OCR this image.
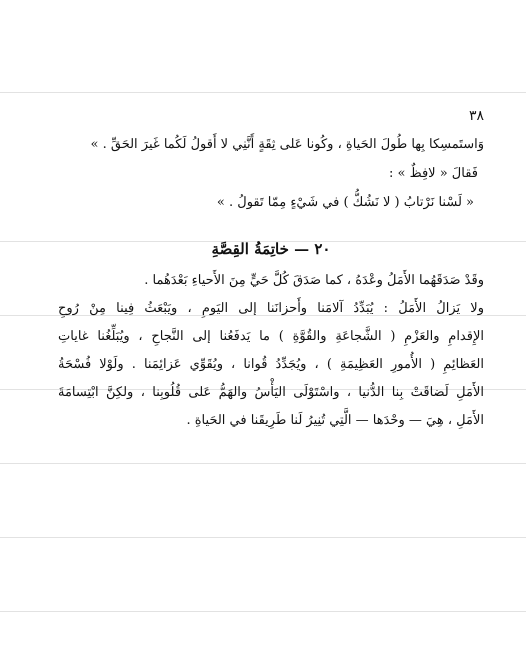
٣٨
وَاستَمسِكا بِها طُولَ الحَياةِ ، وكُونا عَلى ثِقَةٍ أَنَّنِي لا أَقولُ لَكُما غَيرَ الحَقِّ . »
فَقالَ « لافِظٌ » :
« لَسْنا نَرْتابُ ( لا نَشُكُّ ) في شَيْءٍ مِمّا تَقولُ . »
٢٠ — خاتِمَةُ القِصَّةِ
وقَدْ صَدَقَهُما الأَمَلُ وعْدَهُ ، كما صَدَقَ كُلَّ حَيٍّ مِنَ الأَحياءِ بَعْدَهُما .
ولا يَزالُ الأَمَلُ : يُبَدِّدُ آلامَنا وأَحزانَنا إلى اليَومِ ، ويَبْعَثُ فِينا مِنْ رُوحِ
الإِقدامِ والعَزْمِ ( الشَّجاعَةِ والقُوَّةِ ) ما يَدفَعُنا إلى النَّجاحِ ، ويُبَلِّغُنا غاياتِ
العَظائِمِ ( الأُمورِ العَظِيمَةِ ) ، ويُجَدِّدُ قُوانا ، ويُقَوِّي عَزائِمَنا . ولَوْلا فُسْحَةُ
الأَمَلِ لَضاقَتْ بِنا الدُّنيا ، واسْتَوْلَى اليَأْسُ والهَمُّ عَلى قُلُوبِنا ، ولكِنَّ ابْتِسامَةَ
الأَمَلِ ، هِيَ — وحْدَها — الَّتِي تُنِيرُ لَنا طَرِيقَنا في الحَياةِ .
